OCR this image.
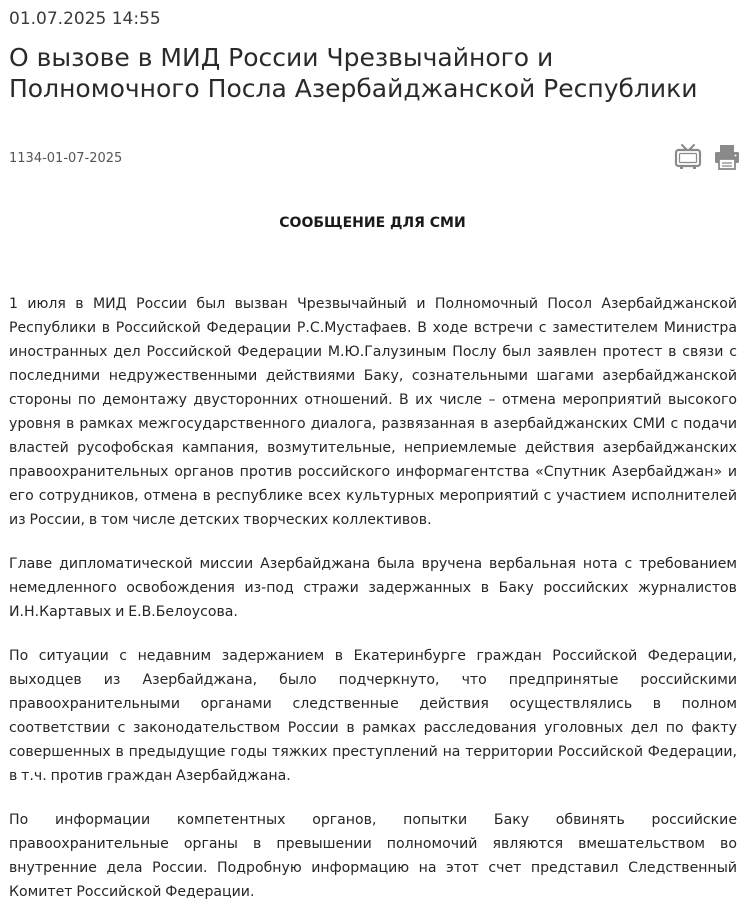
01.07.2025 14:55
О вызове в МИД России Чрезвычайного и Полномочного Посла Азербайджанской Республики
1134-01-07-2025
СООБЩЕНИЕ ДЛЯ СМИ

1 июля в МИД России был вызван Чрезвычайный и Полномочный Посол Азербайджанской Республики в Российской Федерации Р.С.Мустафаев. В ходе встречи с заместителем Министра иностранных дел Российской Федерации М.Ю.Галузиным Послу был заявлен протест в связи с последними недружественными действиями Баку, сознательными шагами азербайджанской стороны по демонтажу двусторонних отношений. В их числе – отмена мероприятий высокого уровня в рамках межгосударственного диалога, развязанная в азербайджанских СМИ с подачи властей русофобская кампания, возмутительные, неприемлемые действия азербайджанских правоохранительных органов против российского информагентства «Спутник Азербайджан» и его сотрудников, отмена в республике всех культурных мероприятий с участием исполнителей из России, в том числе детских творческих коллективов.

Главе дипломатической миссии Азербайджана была вручена вербальная нота с требованием немедленного освобождения из-под стражи задержанных в Баку российских журналистов И.Н.Картавых и Е.В.Белоусова.

По ситуации с недавним задержанием в Екатеринбурге граждан Российской Федерации, выходцев из Азербайджана, было подчеркнуто, что предпринятые российскими правоохранительными органами следственные действия осуществлялись в полном соответствии с законодательством России в рамках расследования уголовных дел по факту совершенных в предыдущие годы тяжких преступлений на территории Российской Федерации, в т.ч. против граждан Азербайджана.

По информации компетентных органов, попытки Баку обвинять российские правоохранительные органы в превышении полномочий являются вмешательством во внутренние дела России. Подробную информацию на этот счет представил Следственный Комитет Российской Федерации.
